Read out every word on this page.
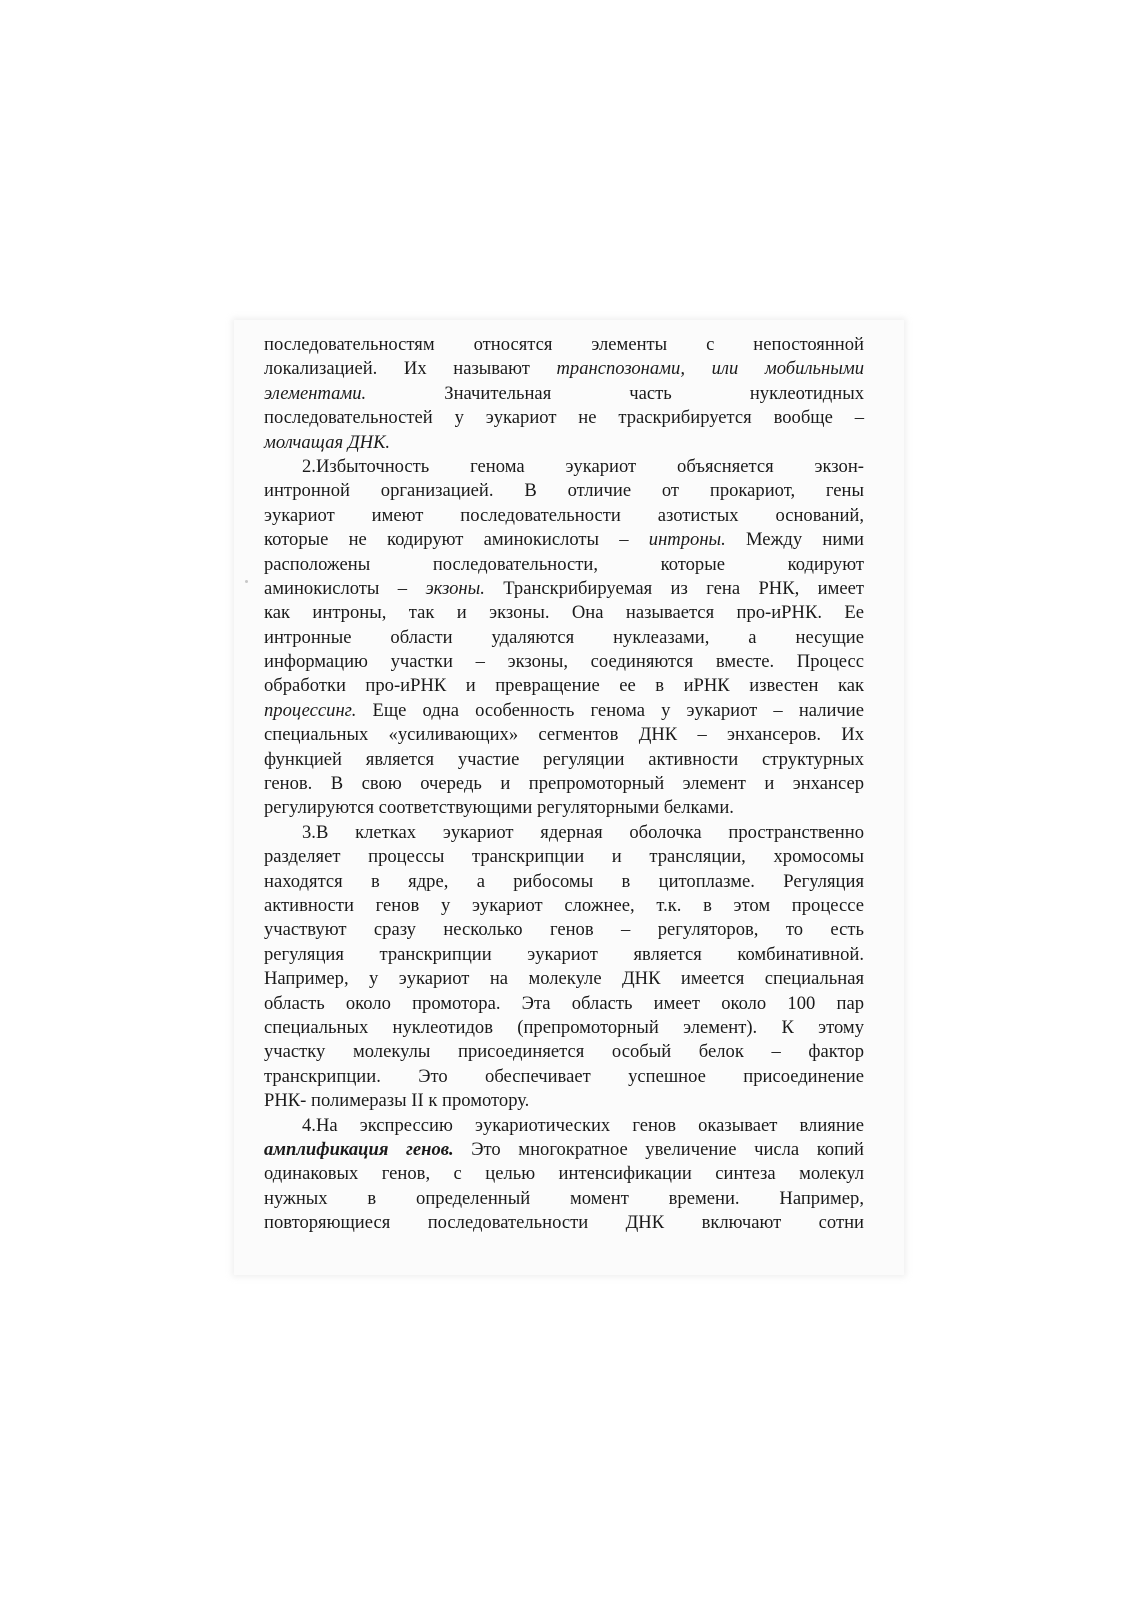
последовательностям относятся элементы с непостоянной
локализацией. Их называют транспозонами, или мобильными
элементами. Значительная часть нуклеотидных
последовательностей у эукариот не траскрибируется вообще –
молчащая ДНК.
2.Избыточность генома эукариот объясняется экзон-
интронной организацией. В отличие от прокариот, гены
эукариот имеют последовательности азотистых оснований,
которые не кодируют аминокислоты – интроны. Между ними
расположены последовательности, которые кодируют
аминокислоты – экзоны. Транскрибируемая из гена РНК, имеет
как интроны, так и экзоны. Она называется про-иРНК. Ее
интронные области удаляются нуклеазами, а несущие
информацию участки – экзоны, соединяются вместе. Процесс
обработки про-иРНК и превращение ее в иРНК известен как
процессинг. Еще одна особенность генома у эукариот – наличие
специальных «усиливающих» сегментов ДНК – энхансеров. Их
функцией является участие регуляции активности структурных
генов. В свою очередь и препромоторный элемент и энхансер
регулируются соответствующими регуляторными белками.
3.В клетках эукариот ядерная оболочка пространственно
разделяет процессы транскрипции и трансляции, хромосомы
находятся в ядре, а рибосомы в цитоплазме. Регуляция
активности генов у эукариот сложнее, т.к. в этом процессе
участвуют сразу несколько генов – регуляторов, то есть
регуляция транскрипции эукариот является комбинативной.
Например, у эукариот на молекуле ДНК имеется специальная
область около промотора. Эта область имеет около 100 пар
специальных нуклеотидов (препромоторный элемент). К этому
участку молекулы присоединяется особый белок – фактор
транскрипции. Это обеспечивает успешное присоединение
РНК- полимеразы II к промотору.
4.На экспрессию эукариотических генов оказывает влияние
амплификация генов. Это многократное увеличение числа копий
одинаковых генов, с целью интенсификации синтеза молекул
нужных в определенный момент времени. Например,
повторяющиеся последовательности ДНК включают сотни
